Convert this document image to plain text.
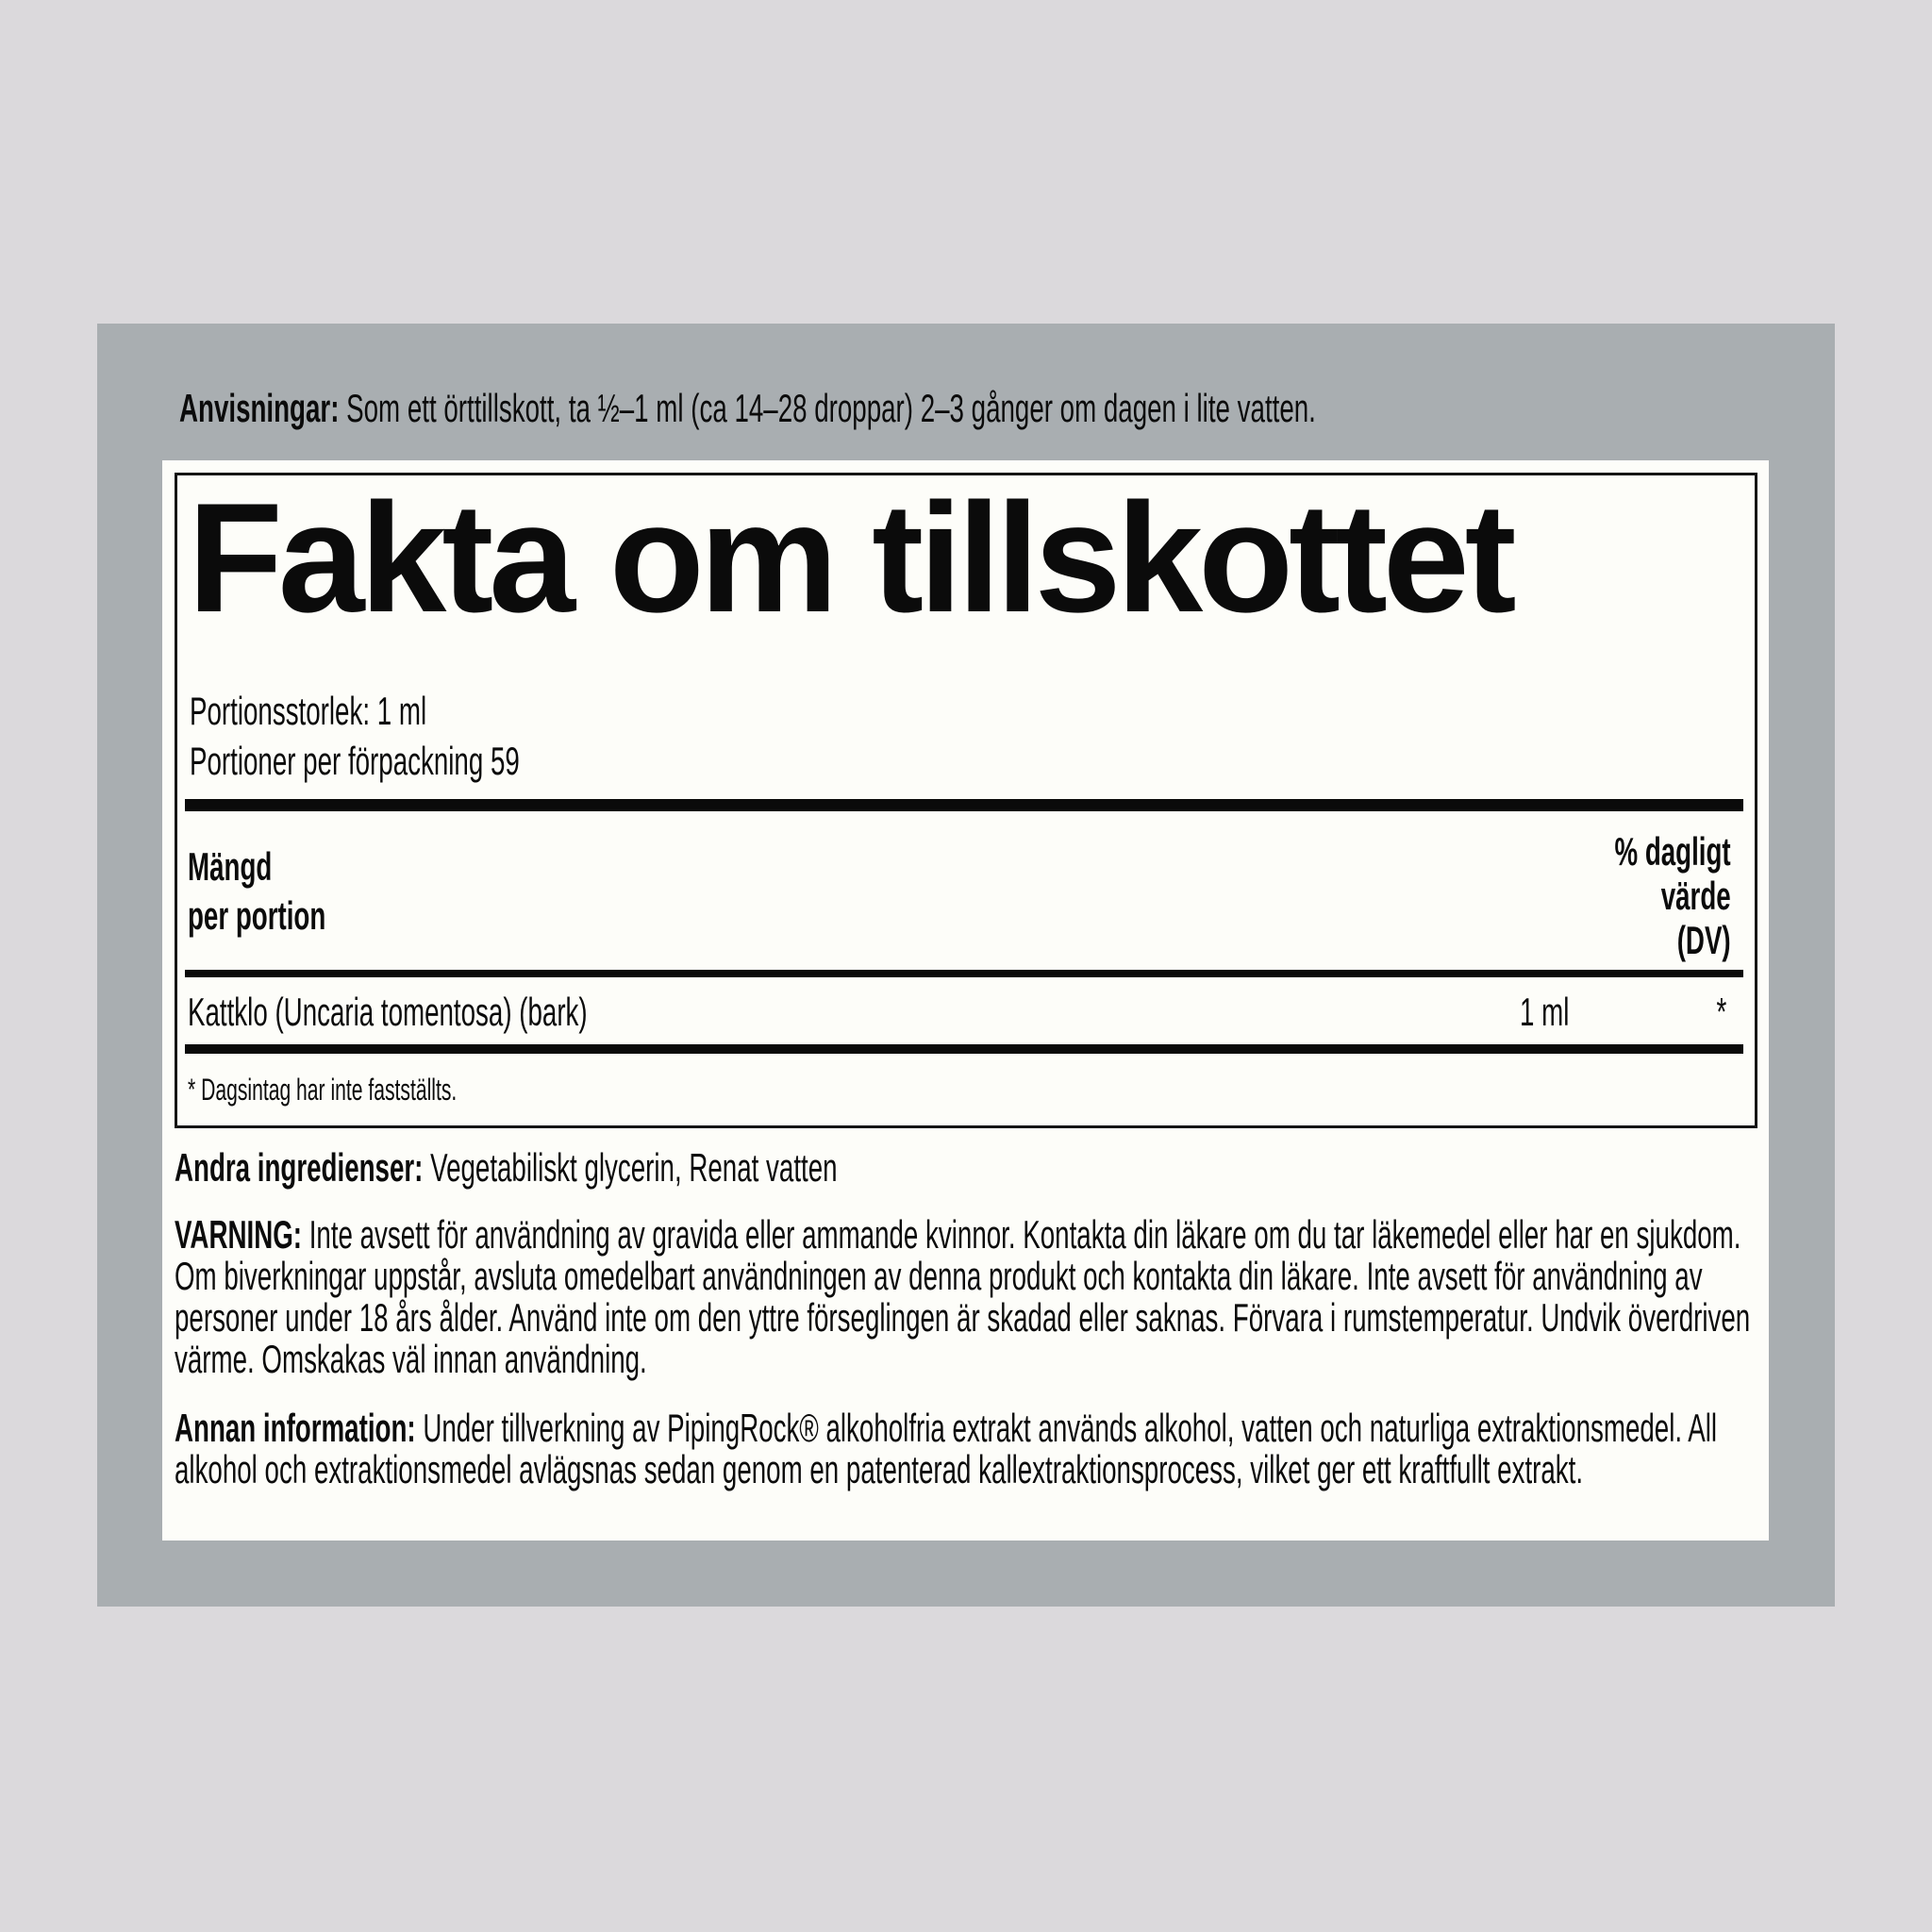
Anvisningar: Som ett örttillskott, ta ½–1 ml (ca 14–28 droppar) 2–3 gånger om dagen i lite vatten.
Fakta om tillskottet
Portionsstorlek: 1 ml
Portioner per förpackning 59
Mängd
per portion
% dagligt
värde
(DV)
Kattklo (Uncaria tomentosa) (bark)	1 ml	*
* Dagsintag har inte fastställts.
Andra ingredienser: Vegetabiliskt glycerin, Renat vatten
VARNING: Inte avsett för användning av gravida eller ammande kvinnor. Kontakta din läkare om du tar läkemedel eller har en sjukdom. Om biverkningar uppstår, avsluta omedelbart användningen av denna produkt och kontakta din läkare. Inte avsett för användning av personer under 18 års ålder. Använd inte om den yttre förseglingen är skadad eller saknas. Förvara i rumstemperatur. Undvik överdriven värme. Omskakas väl innan användning.
Annan information: Under tillverkning av PipingRock® alkoholfria extrakt används alkohol, vatten och naturliga extraktionsmedel. All alkohol och extraktionsmedel avlägsnas sedan genom en patenterad kallextraktionsprocess, vilket ger ett kraftfullt extrakt.
